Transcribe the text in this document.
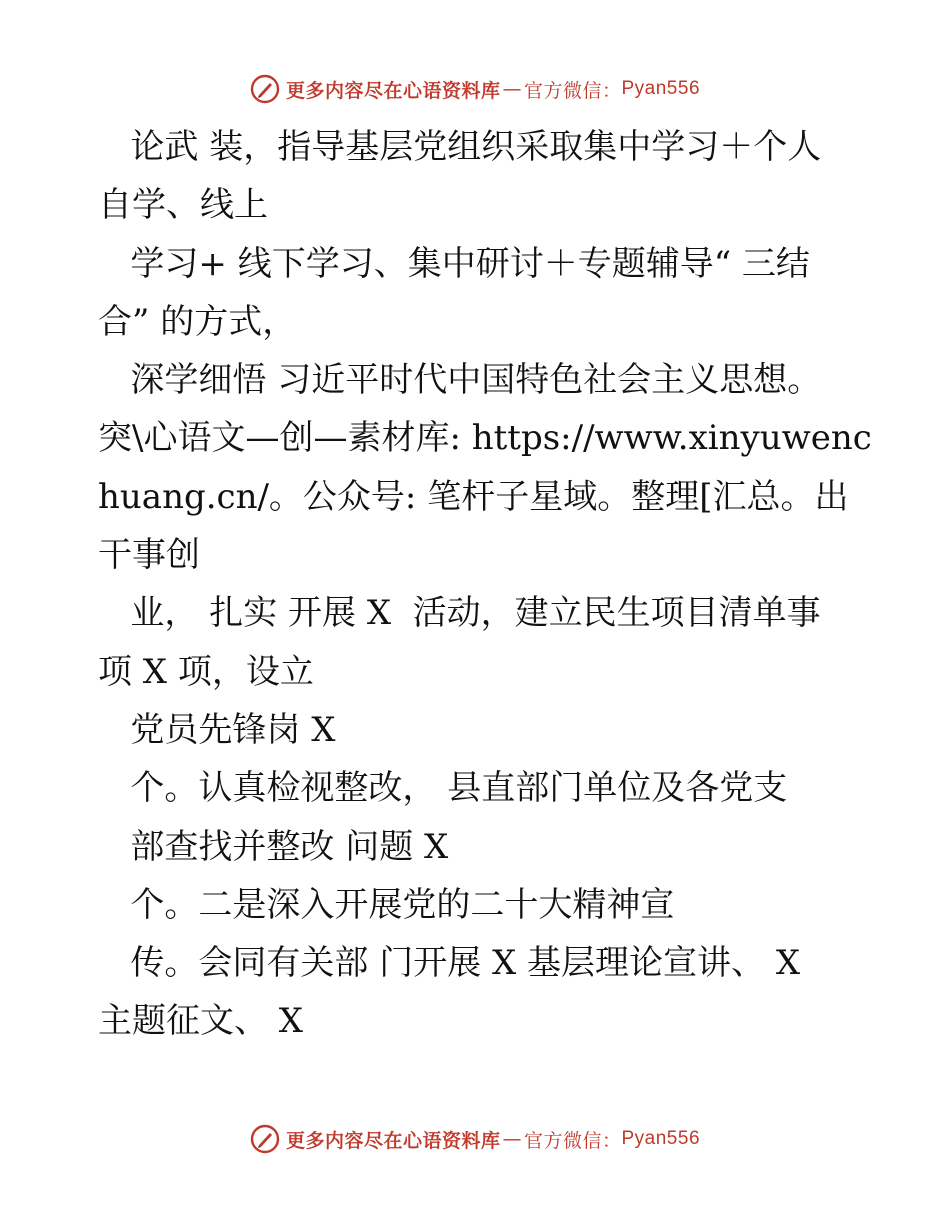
更多内容尽在心语资料库 — 官方微信： Pyan556
论武 装，指导基层党组织采取集中学习＋个人
自学、线上
学习+ 线下学习、集中研讨＋专题辅导“ 三结
合” 的方式，
深学细悟 习近平时代中国特色社会主义思想。
突\心语文—创—素材库: https://www.xinyuwenc
huang.cn/。公众号: 笔杆子星域。整理[汇总。出
干事创
业， 扎实 开展 X  活动，建立民生项目清单事
项 X 项，设立
党员先锋岗 X
个。认真检视整改， 县直部门单位及各党支
部查找并整改 问题 X
个。二是深入开展党的二十大精神宣
传。会同有关部 门开展 X 基层理论宣讲、 X
主题征文、 X
更多内容尽在心语资料库 — 官方微信： Pyan556
